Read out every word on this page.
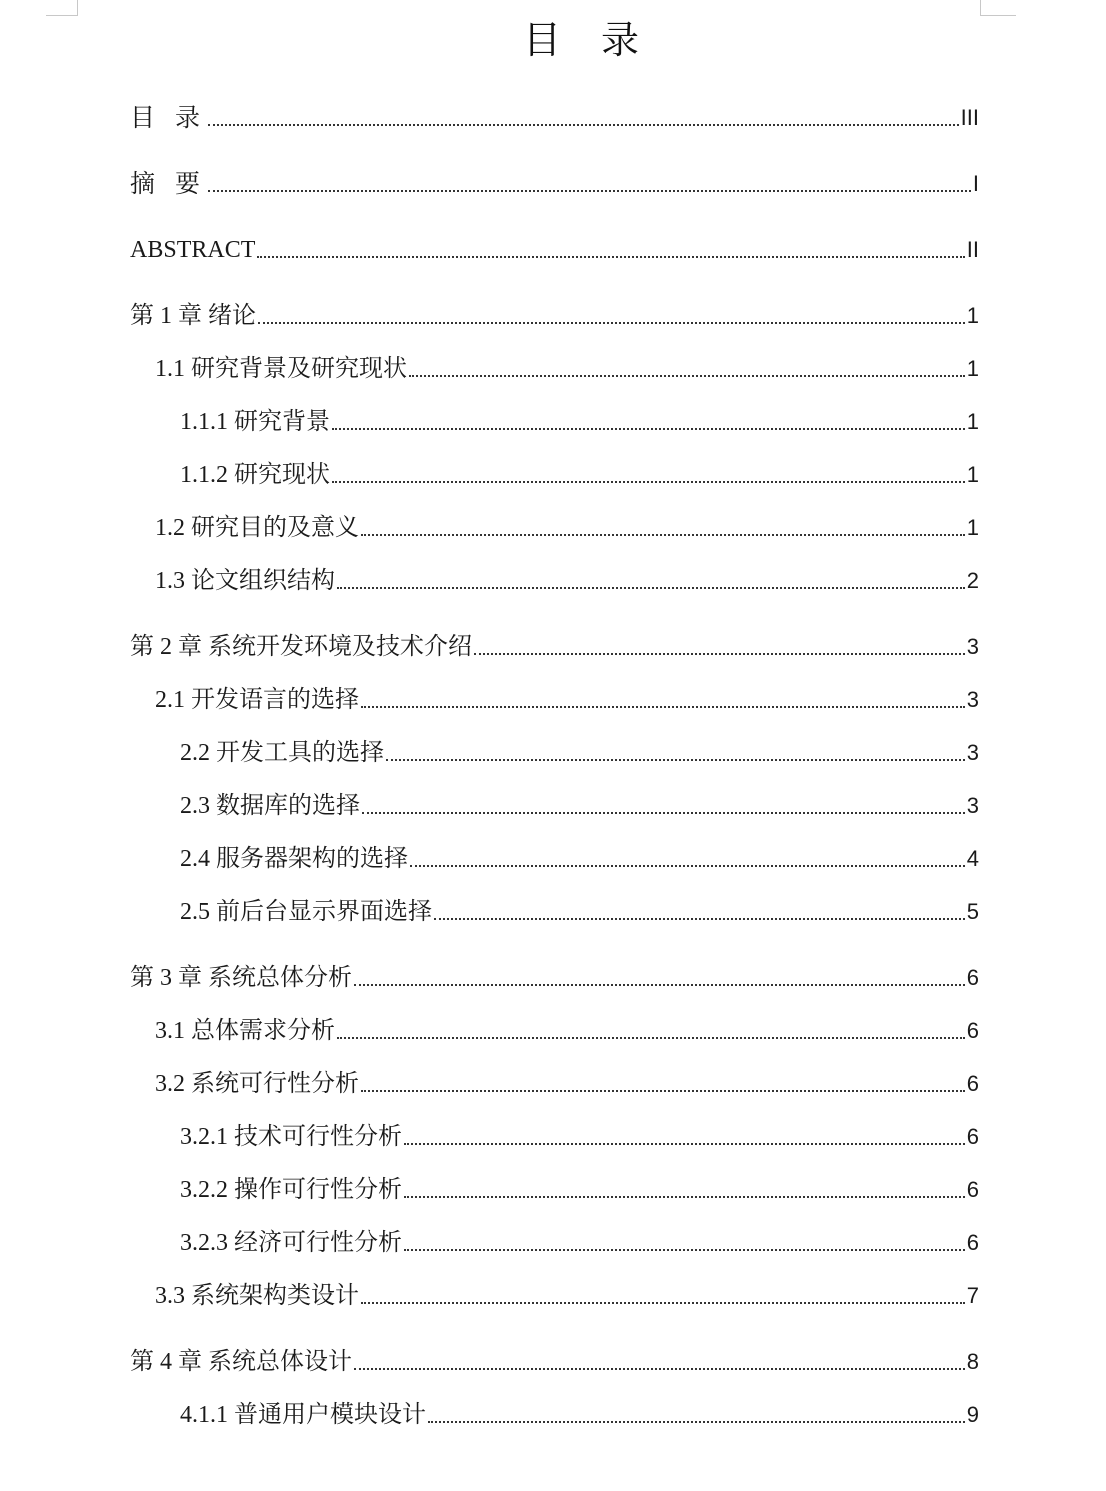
目 录
目 录	III
摘 要	I
ABSTRACT	II
第 1 章 绪论	1
1.1 研究背景及研究现状	1
1.1.1 研究背景	1
1.1.2 研究现状	1
1.2 研究目的及意义	1
1.3 论文组织结构	2
第 2 章 系统开发环境及技术介绍	3
2.1 开发语言的选择	3
2.2 开发工具的选择	3
2.3 数据库的选择	3
2.4 服务器架构的选择	4
2.5 前后台显示界面选择	5
第 3 章 系统总体分析	6
3.1 总体需求分析	6
3.2 系统可行性分析	6
3.2.1 技术可行性分析	6
3.2.2 操作可行性分析	6
3.2.3 经济可行性分析	6
3.3 系统架构类设计	7
第 4 章 系统总体设计	8
4.1.1 普通用户模块设计	9
